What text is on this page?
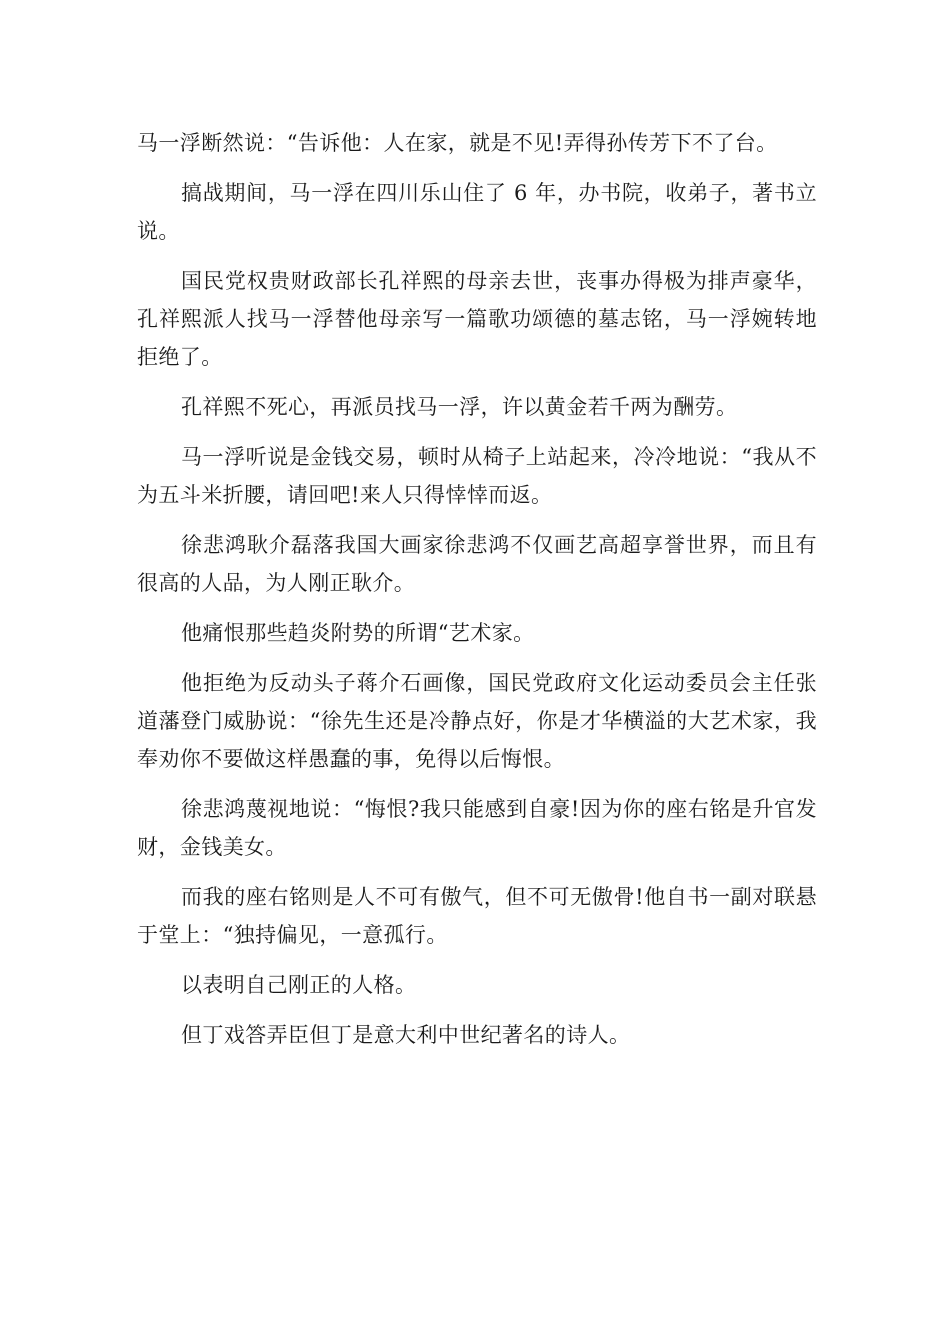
马一浮断然说：“告诉他：人在家，就是不见!弄得孙传芳下不了台。

搞战期间，马一浮在四川乐山住了 6 年，办书院，收弟子，著书立说。

国民党权贵财政部长孔祥熙的母亲去世，丧事办得极为排声豪华，孔祥熙派人找马一浮替他母亲写一篇歌功颂德的墓志铭，马一浮婉转地拒绝了。

孔祥熙不死心，再派员找马一浮，许以黄金若千两为酬劳。

马一浮听说是金钱交易，顿时从椅子上站起来，冷冷地说：“我从不为五斗米折腰，请回吧!来人只得悻悻而返。

徐悲鸿耿介磊落我国大画家徐悲鸿不仅画艺高超享誉世界，而且有很高的人品，为人刚正耿介。

他痛恨那些趋炎附势的所谓“艺术家。

他拒绝为反动头子蒋介石画像，国民党政府文化运动委员会主任张道藩登门威胁说：“徐先生还是冷静点好，你是才华横溢的大艺术家，我奉劝你不要做这样愚蠢的事，免得以后悔恨。

徐悲鸿蔑视地说：“悔恨?我只能感到自豪!因为你的座右铭是升官发财，金钱美女。

而我的座右铭则是人不可有傲气，但不可无傲骨!他自书一副对联悬于堂上：“独持偏见，一意孤行。

以表明自己刚正的人格。

但丁戏答弄臣但丁是意大利中世纪著名的诗人。
